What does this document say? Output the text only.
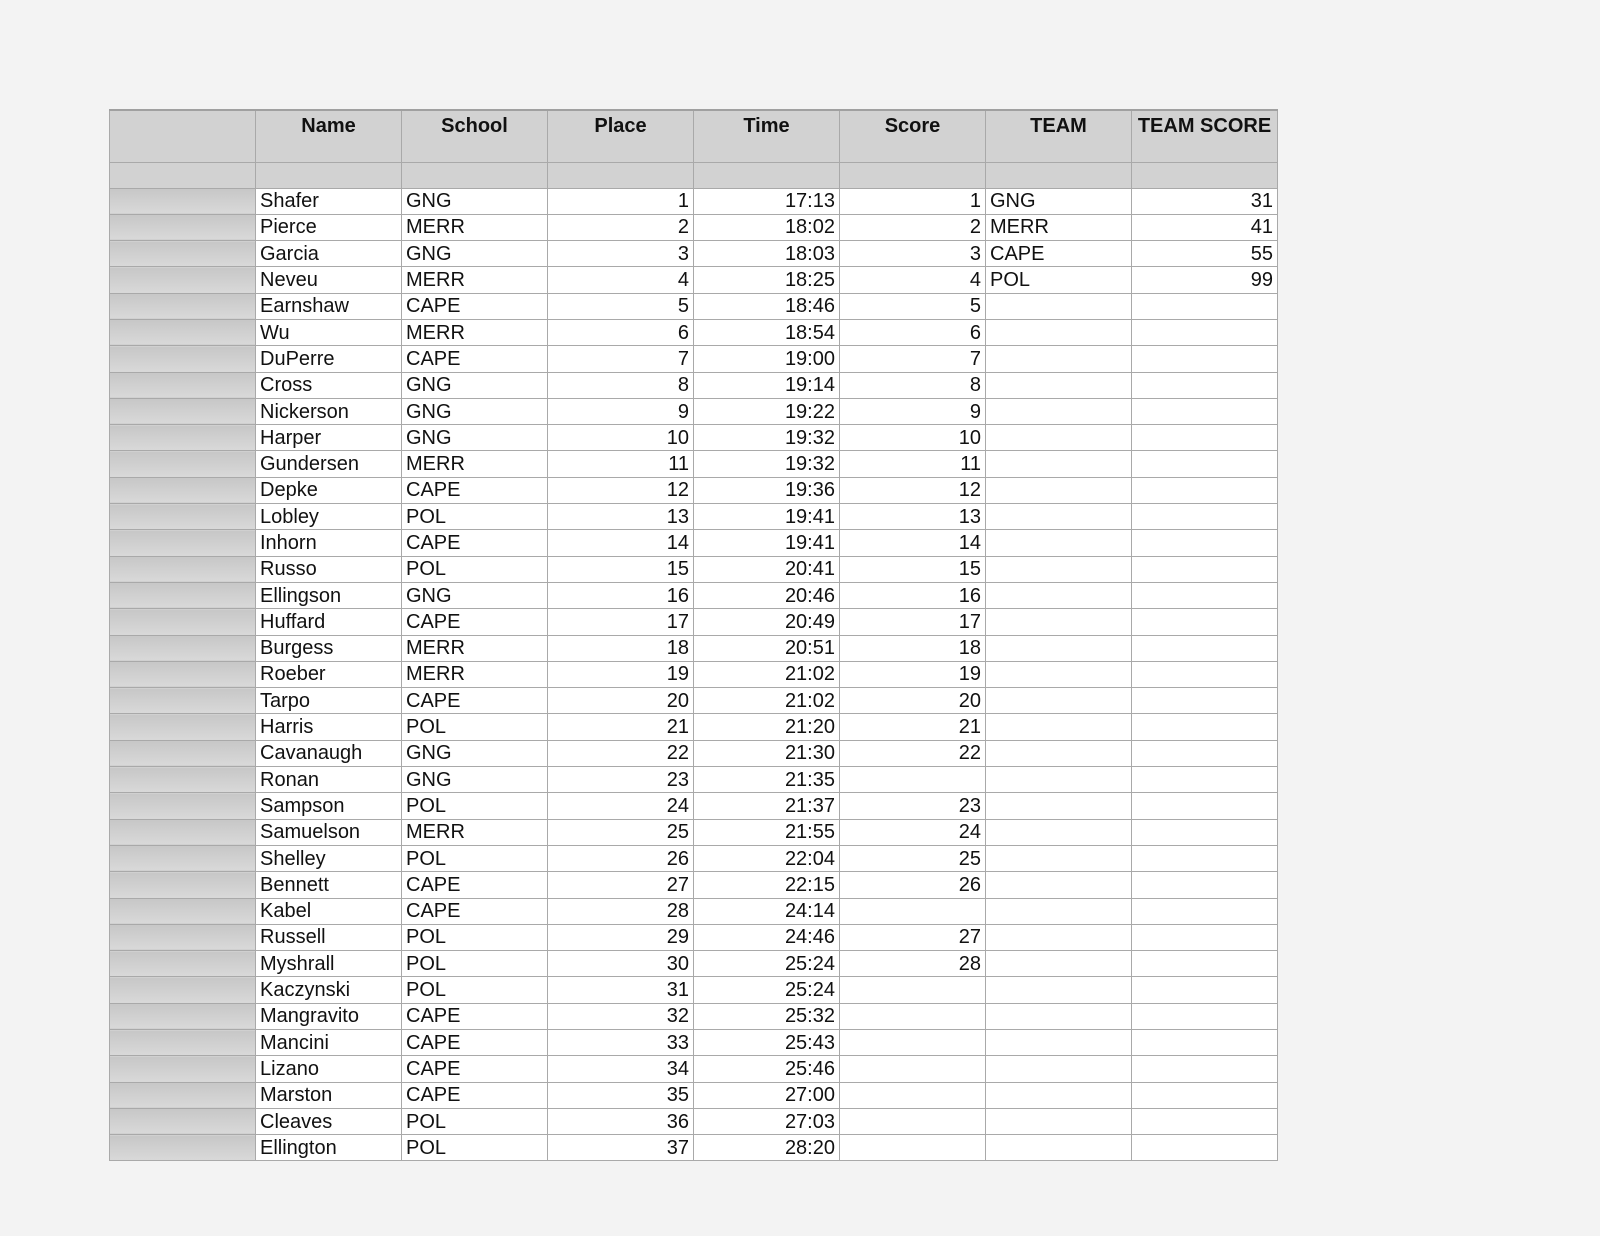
	Name	School	Place	Time	Score	TEAM	TEAM SCORE

	Shafer	GNG	1	17:13	1	GNG	31
	Pierce	MERR	2	18:02	2	MERR	41
	Garcia	GNG	3	18:03	3	CAPE	55
	Neveu	MERR	4	18:25	4	POL	99
	Earnshaw	CAPE	5	18:46	5		
	Wu	MERR	6	18:54	6		
	DuPerre	CAPE	7	19:00	7		
	Cross	GNG	8	19:14	8		
	Nickerson	GNG	9	19:22	9		
	Harper	GNG	10	19:32	10		
	Gundersen	MERR	11	19:32	11		
	Depke	CAPE	12	19:36	12		
	Lobley	POL	13	19:41	13		
	Inhorn	CAPE	14	19:41	14		
	Russo	POL	15	20:41	15		
	Ellingson	GNG	16	20:46	16		
	Huffard	CAPE	17	20:49	17		
	Burgess	MERR	18	20:51	18		
	Roeber	MERR	19	21:02	19		
	Tarpo	CAPE	20	21:02	20		
	Harris	POL	21	21:20	21		
	Cavanaugh	GNG	22	21:30	22		
	Ronan	GNG	23	21:35			
	Sampson	POL	24	21:37	23		
	Samuelson	MERR	25	21:55	24		
	Shelley	POL	26	22:04	25		
	Bennett	CAPE	27	22:15	26		
	Kabel	CAPE	28	24:14			
	Russell	POL	29	24:46	27		
	Myshrall	POL	30	25:24	28		
	Kaczynski	POL	31	25:24			
	Mangravito	CAPE	32	25:32			
	Mancini	CAPE	33	25:43			
	Lizano	CAPE	34	25:46			
	Marston	CAPE	35	27:00			
	Cleaves	POL	36	27:03			
	Ellington	POL	37	28:20			
